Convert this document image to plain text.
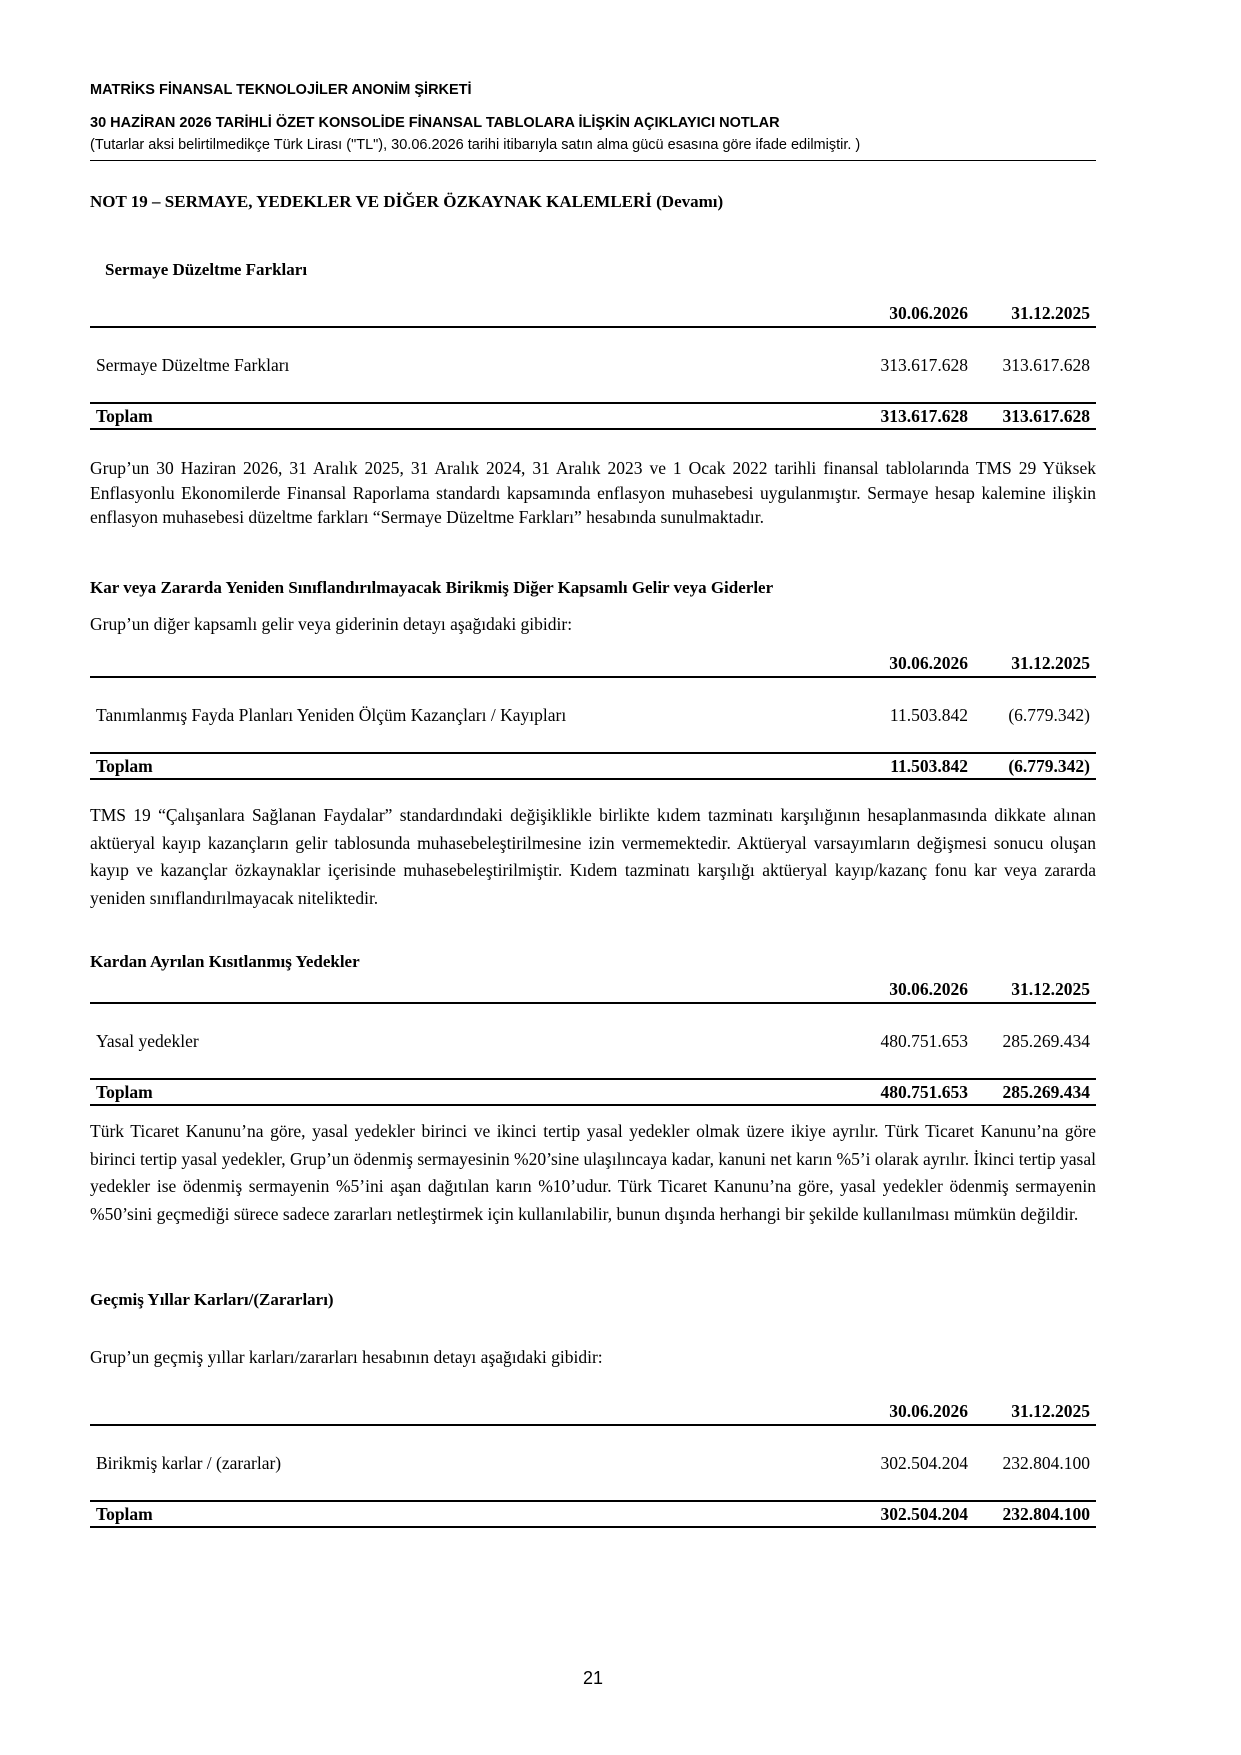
MATRİKS FİNANSAL TEKNOLOJİLER ANONİM ŞİRKETİ
30 HAZİRAN 2026 TARİHLİ ÖZET KONSOLİDE FİNANSAL TABLOLARA İLİŞKİN AÇIKLAYICI NOTLAR
(Tutarlar aksi belirtilmedikçe Türk Lirası ("TL"), 30.06.2026 tarihi itibarıyla satın alma gücü esasına göre ifade edilmiştir. )
NOT 19 – SERMAYE, YEDEKLER VE DİĞER ÖZKAYNAK KALEMLERİ (Devamı)
Sermaye Düzeltme Farkları
	30.06.2026	31.12.2025
Sermaye Düzeltme Farkları	313.617.628	313.617.628
Toplam	313.617.628	313.617.628
Grup’un 30 Haziran 2026, 31 Aralık 2025, 31 Aralık 2024, 31 Aralık 2023 ve 1 Ocak 2022 tarihli finansal tablolarında TMS 29 Yüksek Enflasyonlu Ekonomilerde Finansal Raporlama standardı kapsamında enflasyon muhasebesi uygulanmıştır. Sermaye hesap kalemine ilişkin enflasyon muhasebesi düzeltme farkları “Sermaye Düzeltme Farkları” hesabında sunulmaktadır.
Kar veya Zararda Yeniden Sınıflandırılmayacak Birikmiş Diğer Kapsamlı Gelir veya Giderler
Grup’un diğer kapsamlı gelir veya giderinin detayı aşağıdaki gibidir:
	30.06.2026	31.12.2025
Tanımlanmış Fayda Planları Yeniden Ölçüm Kazançları / Kayıpları	11.503.842	(6.779.342)
Toplam	11.503.842	(6.779.342)
TMS 19 “Çalışanlara Sağlanan Faydalar” standardındaki değişiklikle birlikte kıdem tazminatı karşılığının hesaplanmasında dikkate alınan aktüeryal kayıp kazançların gelir tablosunda muhasebeleştirilmesine izin vermemektedir. Aktüeryal varsayımların değişmesi sonucu oluşan kayıp ve kazançlar özkaynaklar içerisinde muhasebeleştirilmiştir. Kıdem tazminatı karşılığı aktüeryal kayıp/kazanç fonu kar veya zararda yeniden sınıflandırılmayacak niteliktedir.
Kardan Ayrılan Kısıtlanmış Yedekler
	30.06.2026	31.12.2025
Yasal yedekler	480.751.653	285.269.434
Toplam	480.751.653	285.269.434
Türk Ticaret Kanunu’na göre, yasal yedekler birinci ve ikinci tertip yasal yedekler olmak üzere ikiye ayrılır. Türk Ticaret Kanunu’na göre birinci tertip yasal yedekler, Grup’un ödenmiş sermayesinin %20’sine ulaşılıncaya kadar, kanuni net karın %5’i olarak ayrılır. İkinci tertip yasal yedekler ise ödenmiş sermayenin %5’ini aşan dağıtılan karın %10’udur. Türk Ticaret Kanunu’na göre, yasal yedekler ödenmiş sermayenin %50’sini geçmediği sürece sadece zararları netleştirmek için kullanılabilir, bunun dışında herhangi bir şekilde kullanılması mümkün değildir.
Geçmiş Yıllar Karları/(Zararları)
Grup’un geçmiş yıllar karları/zararları hesabının detayı aşağıdaki gibidir:
	30.06.2026	31.12.2025
Birikmiş karlar / (zararlar)	302.504.204	232.804.100
Toplam	302.504.204	232.804.100
21
